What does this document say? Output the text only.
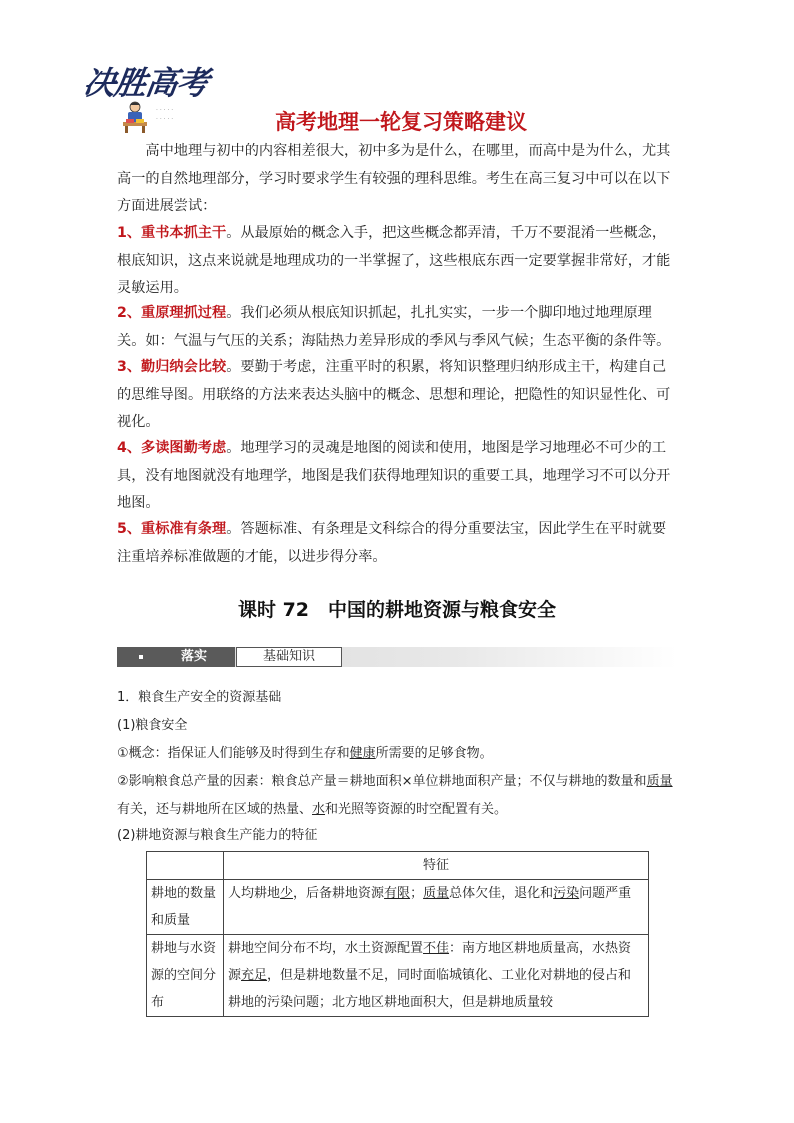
决胜高考
· · · · ·
· · · · ·	高考地理一轮复习策略建议
高中地理与初中的内容相差很大，初中多为是什么，在哪里，而高中是为什么，尤其高一的自然地理部分，学习时要求学生有较强的理科思维。考生在高三复习中可以在以下方面进展尝试：
1、重书本抓主干。从最原始的概念入手，把这些概念都弄清，千万不要混淆一些概念，根底知识，这点来说就是地理成功的一半掌握了，这些根底东西一定要掌握非常好，才能灵敏运用。
2、重原理抓过程。我们必须从根底知识抓起，扎扎实实，一步一个脚印地过地理原理关。如：气温与气压的关系；海陆热力差异形成的季风与季风气候；生态平衡的条件等。
3、勤归纳会比较。要勤于考虑，注重平时的积累，将知识整理归纳形成主干，构建自己的思维导图。用联络的方法来表达头脑中的概念、思想和理论，把隐性的知识显性化、可视化。
4、多读图勤考虑。地理学习的灵魂是地图的阅读和使用，地图是学习地理必不可少的工具，没有地图就没有地理学，地图是我们获得地理知识的重要工具，地理学习不可以分开地图。
5、重标准有条理。答题标准、有条理是文科综合的得分重要法宝，因此学生在平时就要注重培养标准做题的才能，以进步得分率。
课时 72　中国的耕地资源与粮食安全
落实	基础知识
1．粮食生产安全的资源基础
(1)粮食安全
①概念：指保证人们能够及时得到生存和健康所需要的足够食物。
②影响粮食总产量的因素：粮食总产量＝耕地面积×单位耕地面积产量；不仅与耕地的数量和质量有关，还与耕地所在区域的热量、水和光照等资源的时空配置有关。
(2)耕地资源与粮食生产能力的特征
	特征
耕地的数量和质量	人均耕地少，后备耕地资源有限；质量总体欠佳，退化和污染问题严重
耕地与水资源的空间分布	耕地空间分布不均，水土资源配置不佳：南方地区耕地质量高，水热资源充足，但是耕地数量不足，同时面临城镇化、工业化对耕地的侵占和耕地的污染问题；北方地区耕地面积大，但是耕地质量较
